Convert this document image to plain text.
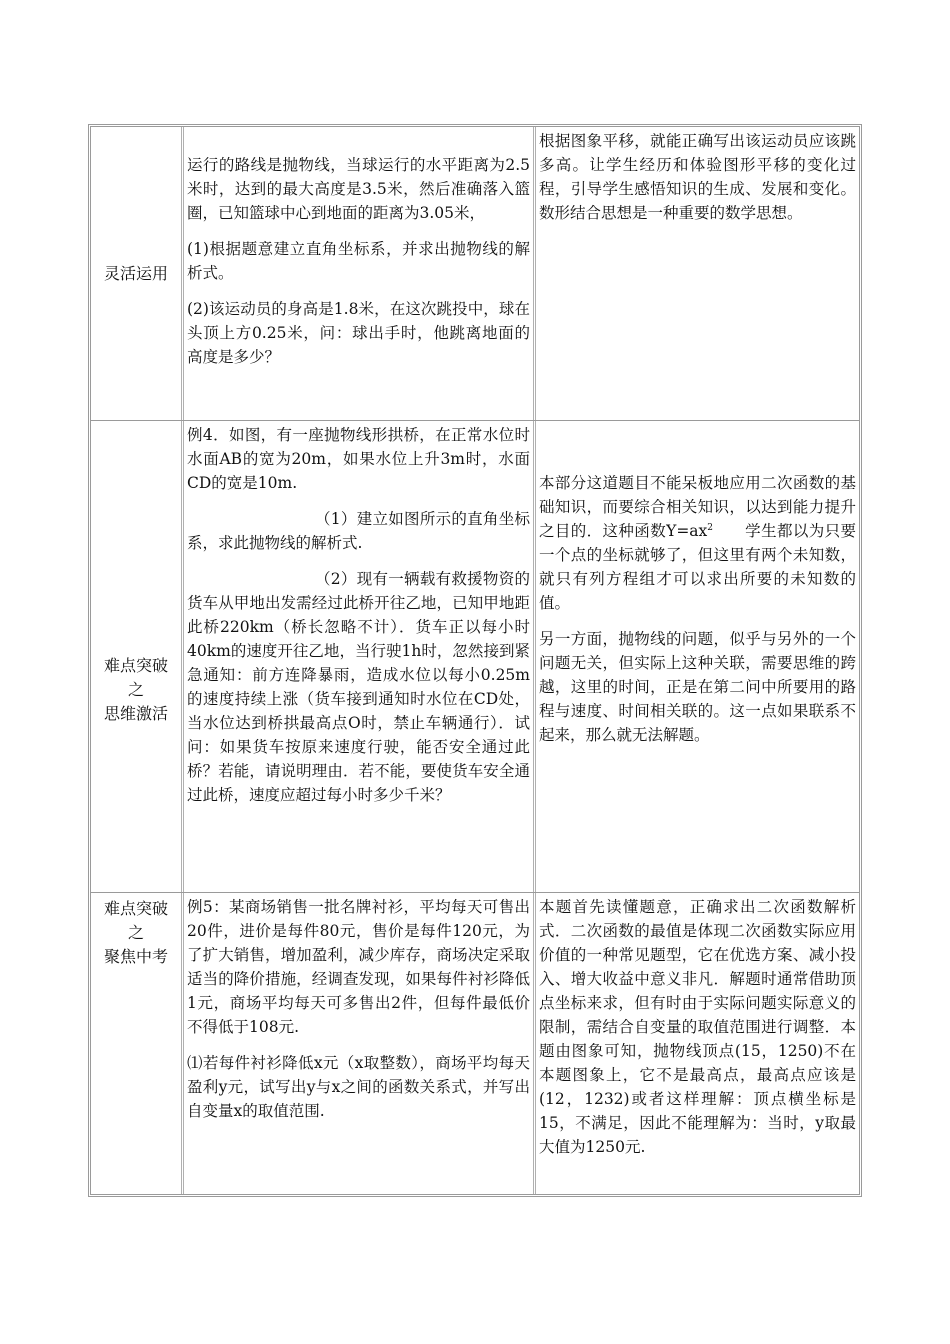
灵活运用

运行的路线是抛物线，当球运行的水平距离为2.5米时，达到的最大高度是3.5米，然后准确落入篮圈，已知篮球中心到地面的距离为3.05米，

(1)根据题意建立直角坐标系，并求出抛物线的解析式。

(2)该运动员的身高是1.8米，在这次跳投中，球在头顶上方0.25米，问：球出手时，他跳离地面的高度是多少？

根据图象平移，就能正确写出该运动员应该跳多高。让学生经历和体验图形平移的变化过程，引导学生感悟知识的生成、发展和变化。数形结合思想是一种重要的数学思想。

难点突破
之
思维激活

例4．如图，有一座抛物线形拱桥，在正常水位时水面AB的宽为20m，如果水位上升3m时，水面CD的宽是10m.

（1）建立如图所示的直角坐标系，求此抛物线的解析式.

（2）现有一辆载有救援物资的货车从甲地出发需经过此桥开往乙地，已知甲地距此桥220km（桥长忽略不计）．货车正以每小时40km的速度开往乙地，当行驶1h时，忽然接到紧急通知：前方连降暴雨，造成水位以每小0.25m的速度持续上涨（货车接到通知时水位在CD处，当水位达到桥拱最高点O时，禁止车辆通行）．试问：如果货车按原来速度行驶，能否安全通过此桥？若能，请说明理由．若不能，要使货车安全通过此桥，速度应超过每小时多少千米？

本部分这道题目不能呆板地应用二次函数的基础知识，而要综合相关知识，以达到能力提升之目的．这种函数$Y=ax^2$　　学生都以为只要一个点的坐标就够了，但这里有两个未知数，就只有列方程组才可以求出所要的未知数的值。

另一方面，抛物线的问题，似乎与另外的一个问题无关，但实际上这种关联，需要思维的跨越，这里的时间，正是在第二问中所要用的路程与速度、时间相关联的。这一点如果联系不起来，那么就无法解题。

难点突破
之
聚焦中考

例5：某商场销售一批名牌衬衫，平均每天可售出20件，进价是每件80元，售价是每件120元，为了扩大销售，增加盈利，减少库存，商场决定采取适当的降价措施，经调查发现，如果每件衬衫降低1元，商场平均每天可多售出2件，但每件最低价不得低于108元.

⑴若每件衬衫降低x元（x取整数），商场平均每天盈利y元，试写出y与x之间的函数关系式，并写出自变量x的取值范围.

本题首先读懂题意，正确求出二次函数解析式．二次函数的最值是体现二次函数实际应用价值的一种常见题型，它在优选方案、减小投入、增大收益中意义非凡．解题时通常借助顶点坐标来求，但有时由于实际问题实际意义的限制，需结合自变量的取值范围进行调整．本题由图象可知，抛物线顶点(15，1250)不在本题图象上，它不是最高点，最高点应该是(12，1232)或者这样理解：顶点横坐标是15，不满足，因此不能理解为：当时，y取最大值为1250元.
